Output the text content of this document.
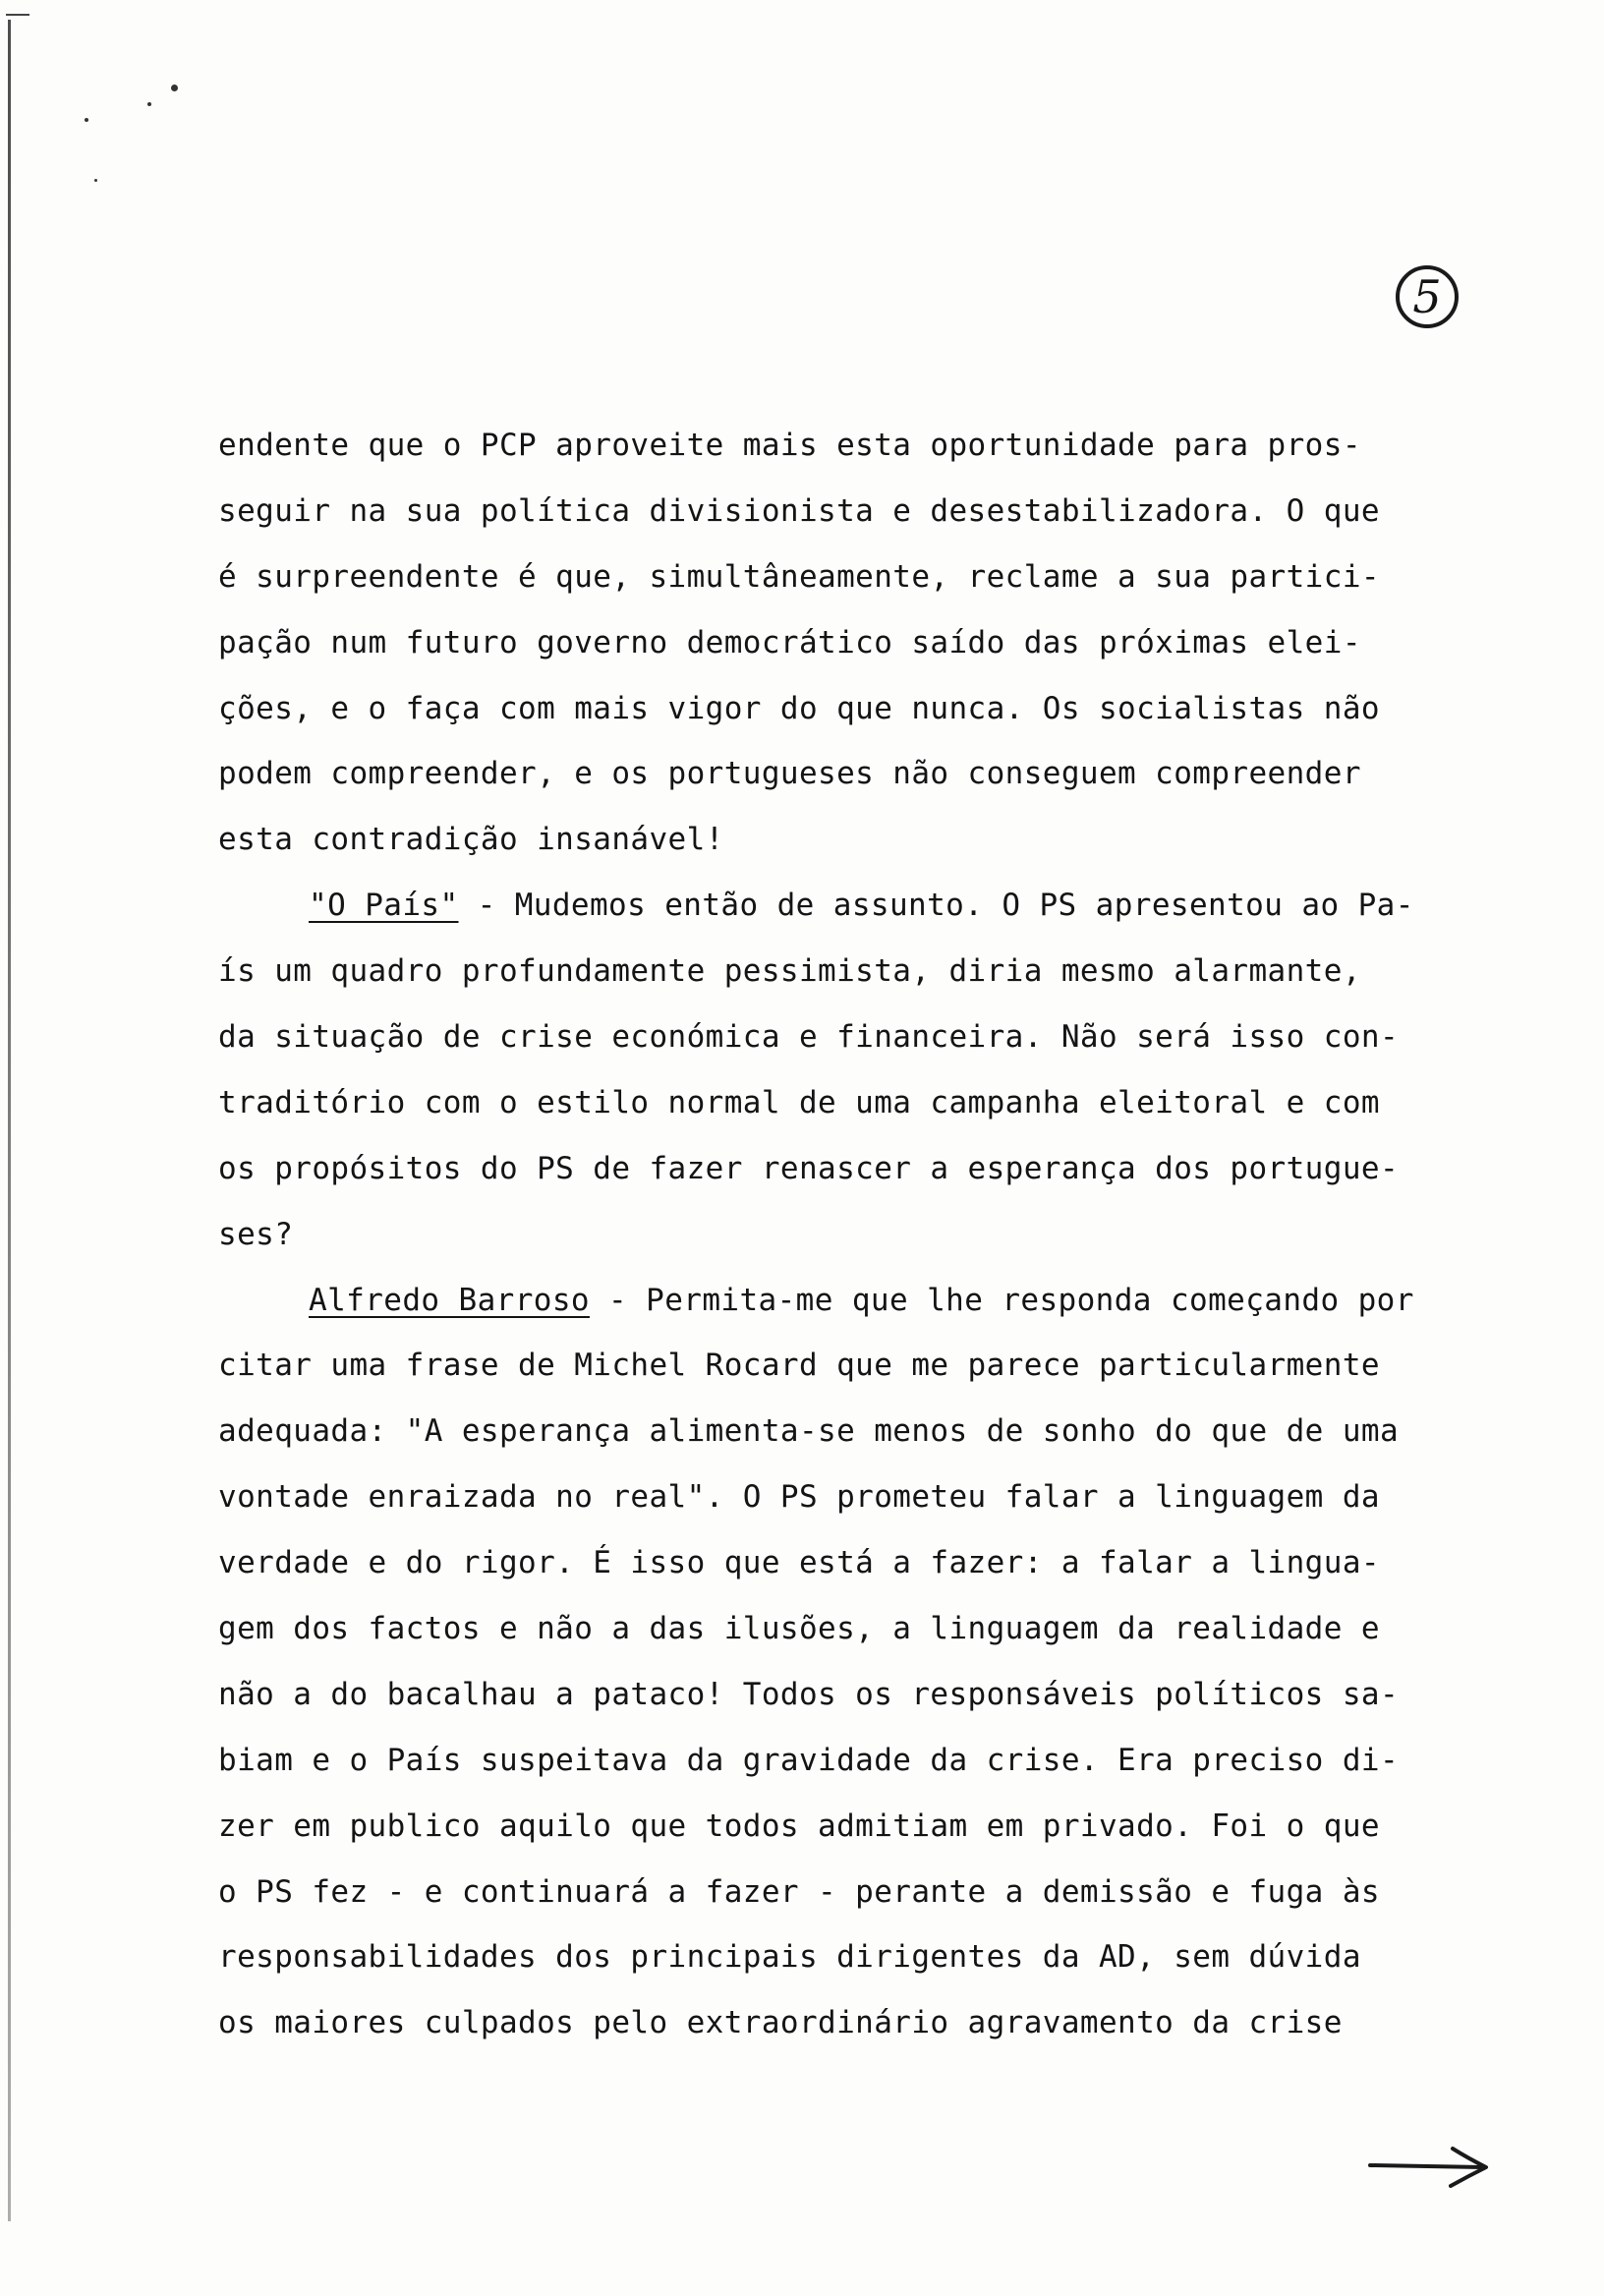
5
endente que o PCP aproveite mais esta oportunidade para pros-
seguir na sua política divisionista e desestabilizadora. O que
é surpreendente é que, simultâneamente, reclame a sua partici-
pação num futuro governo democrático saído das próximas elei-
ções, e o faça com mais vigor do que nunca. Os socialistas não
podem compreender, e os portugueses não conseguem compreender
esta contradição insanável!
"O País" - Mudemos então de assunto. O PS apresentou ao Pa-
ís um quadro profundamente pessimista, diria mesmo alarmante,
da situação de crise económica e financeira. Não será isso con-
traditório com o estilo normal de uma campanha eleitoral e com
os propósitos do PS de fazer renascer a esperança dos portugue-
ses?
Alfredo Barroso - Permita-me que lhe responda começando por
citar uma frase de Michel Rocard que me parece particularmente
adequada: "A esperança alimenta-se menos de sonho do que de uma
vontade enraizada no real". O PS prometeu falar a linguagem da
verdade e do rigor. É isso que está a fazer: a falar a lingua-
gem dos factos e não a das ilusões, a linguagem da realidade e
não a do bacalhau a pataco! Todos os responsáveis políticos sa-
biam e o País suspeitava da gravidade da crise. Era preciso di-
zer em publico aquilo que todos admitiam em privado. Foi o que
o PS fez - e continuará a fazer - perante a demissão e fuga às
responsabilidades dos principais dirigentes da AD, sem dúvida
os maiores culpados pelo extraordinário agravamento da crise
